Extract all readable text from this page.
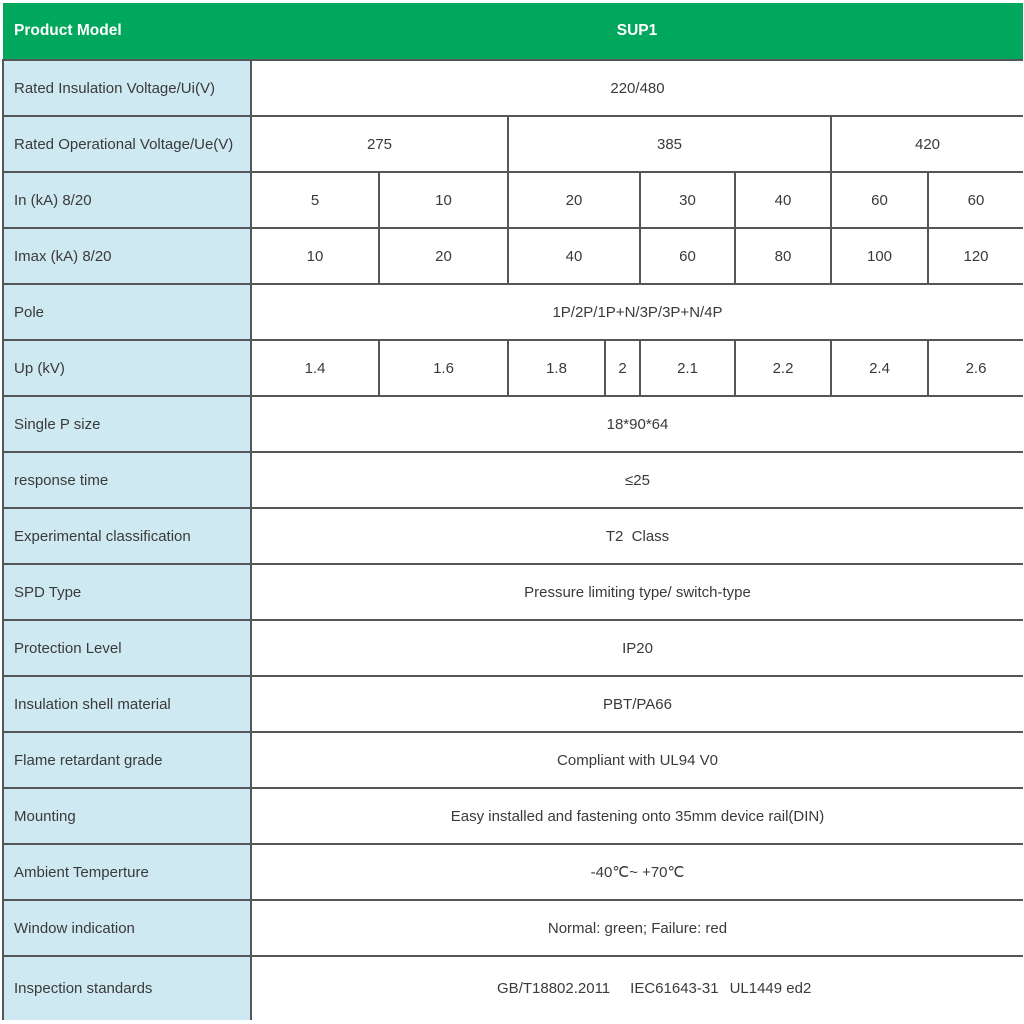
Product Model	SUP1							
Rated Insulation Voltage/Ui(V)	220/480							
Rated Operational Voltage/Ue(V)	275		385				420	
In (kA) 8/20	5	10	20		30	40	60	60
Imax (kA) 8/20	10	20	40		60	80	100	120
Pole	1P/2P/1P+N/3P/3P+N/4P							
Up (kV)	1.4	1.6	1.8	2	2.1	2.2	2.4	2.6
Single P size	18*90*64							
response time	≤25							
Experimental classification	T2  Class							
SPD Type	Pressure limiting type/ switch-type							
Protection Level	IP20							
Insulation shell material	PBT/PA66							
Flame retardant grade	Compliant with UL94 V0							
Mounting	Easy installed and fastening onto 35mm device rail(DIN)							
Ambient Temperture	-40℃~ +70℃							
Window indication	Normal: green; Failure: red							
Inspection standards	GB/T18802.2011 IEC61643-31 UL1449 ed2							
